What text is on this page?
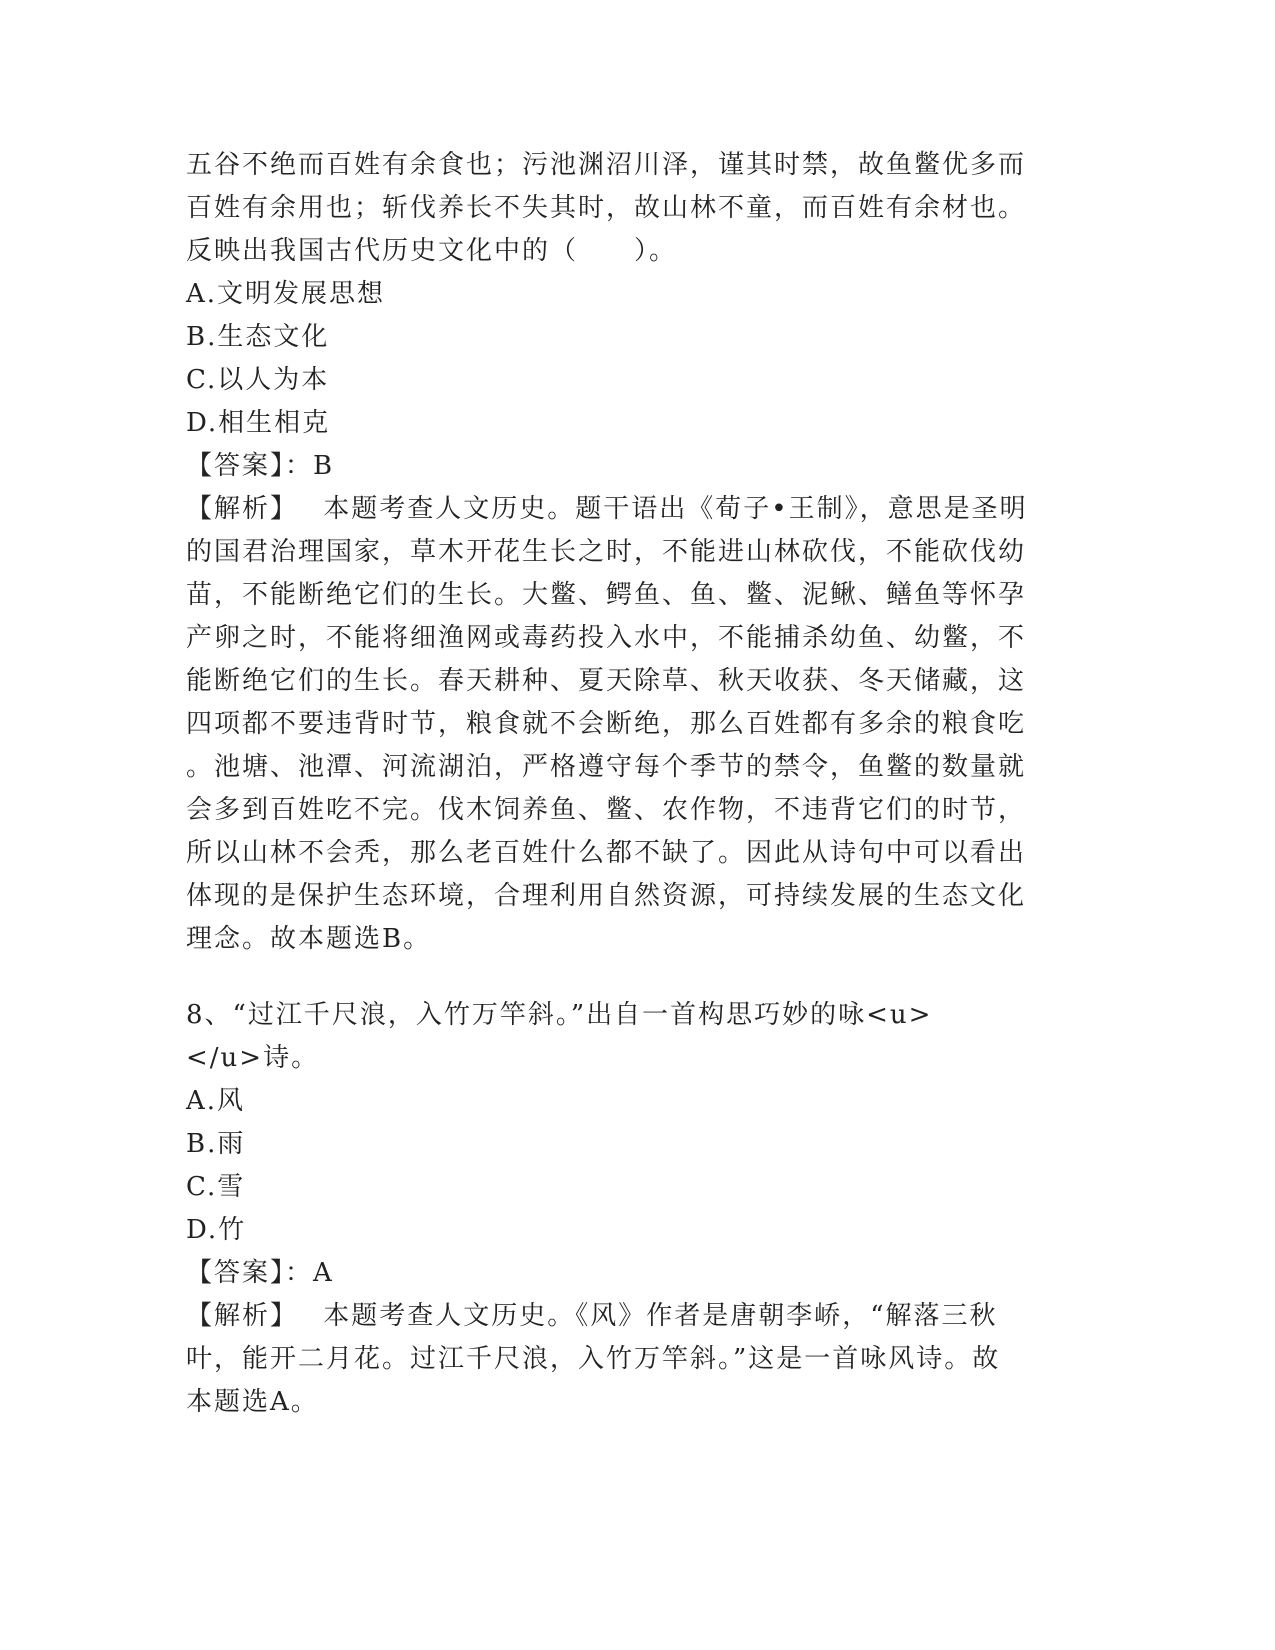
五谷不绝而百姓有余食也；污池渊沼川泽，谨其时禁，故鱼鳖优多而
百姓有余用也；斩伐养长不失其时，故山林不童，而百姓有余材也。
反映出我国古代历史文化中的（　　）。
A.文明发展思想
B.生态文化
C.以人为本
D.相生相克
【答案】：B
【解析】　 本题考查人文历史。题干语出《荀子•王制》，意思是圣明
的国君治理国家，草木开花生长之时，不能进山林砍伐，不能砍伐幼
苗，不能断绝它们的生长。大鳖、鳄鱼、鱼、鳖、泥鳅、鳝鱼等怀孕
产卵之时，不能将细渔网或毒药投入水中，不能捕杀幼鱼、幼鳖，不
能断绝它们的生长。春天耕种、夏天除草、秋天收获、冬天储藏，这
四项都不要违背时节，粮食就不会断绝，那么百姓都有多余的粮食吃
。池塘、池潭、河流湖泊，严格遵守每个季节的禁令，鱼鳖的数量就
会多到百姓吃不完。伐木饲养鱼、鳖、农作物，不违背它们的时节，
所以山林不会秃，那么老百姓什么都不缺了。因此从诗句中可以看出
体现的是保护生态环境，合理利用自然资源，可持续发展的生态文化
理念。故本题选B。
8、“过江千尺浪，入竹万竿斜。”出自一首构思巧妙的咏<u>
</u>诗。
A.风
B.雨
C.雪
D.竹
【答案】：A
【解析】　 本题考查人文历史。《风》作者是唐朝李峤，“解落三秋
叶，能开二月花。过江千尺浪，入竹万竿斜。”这是一首咏风诗。故
本题选A。
